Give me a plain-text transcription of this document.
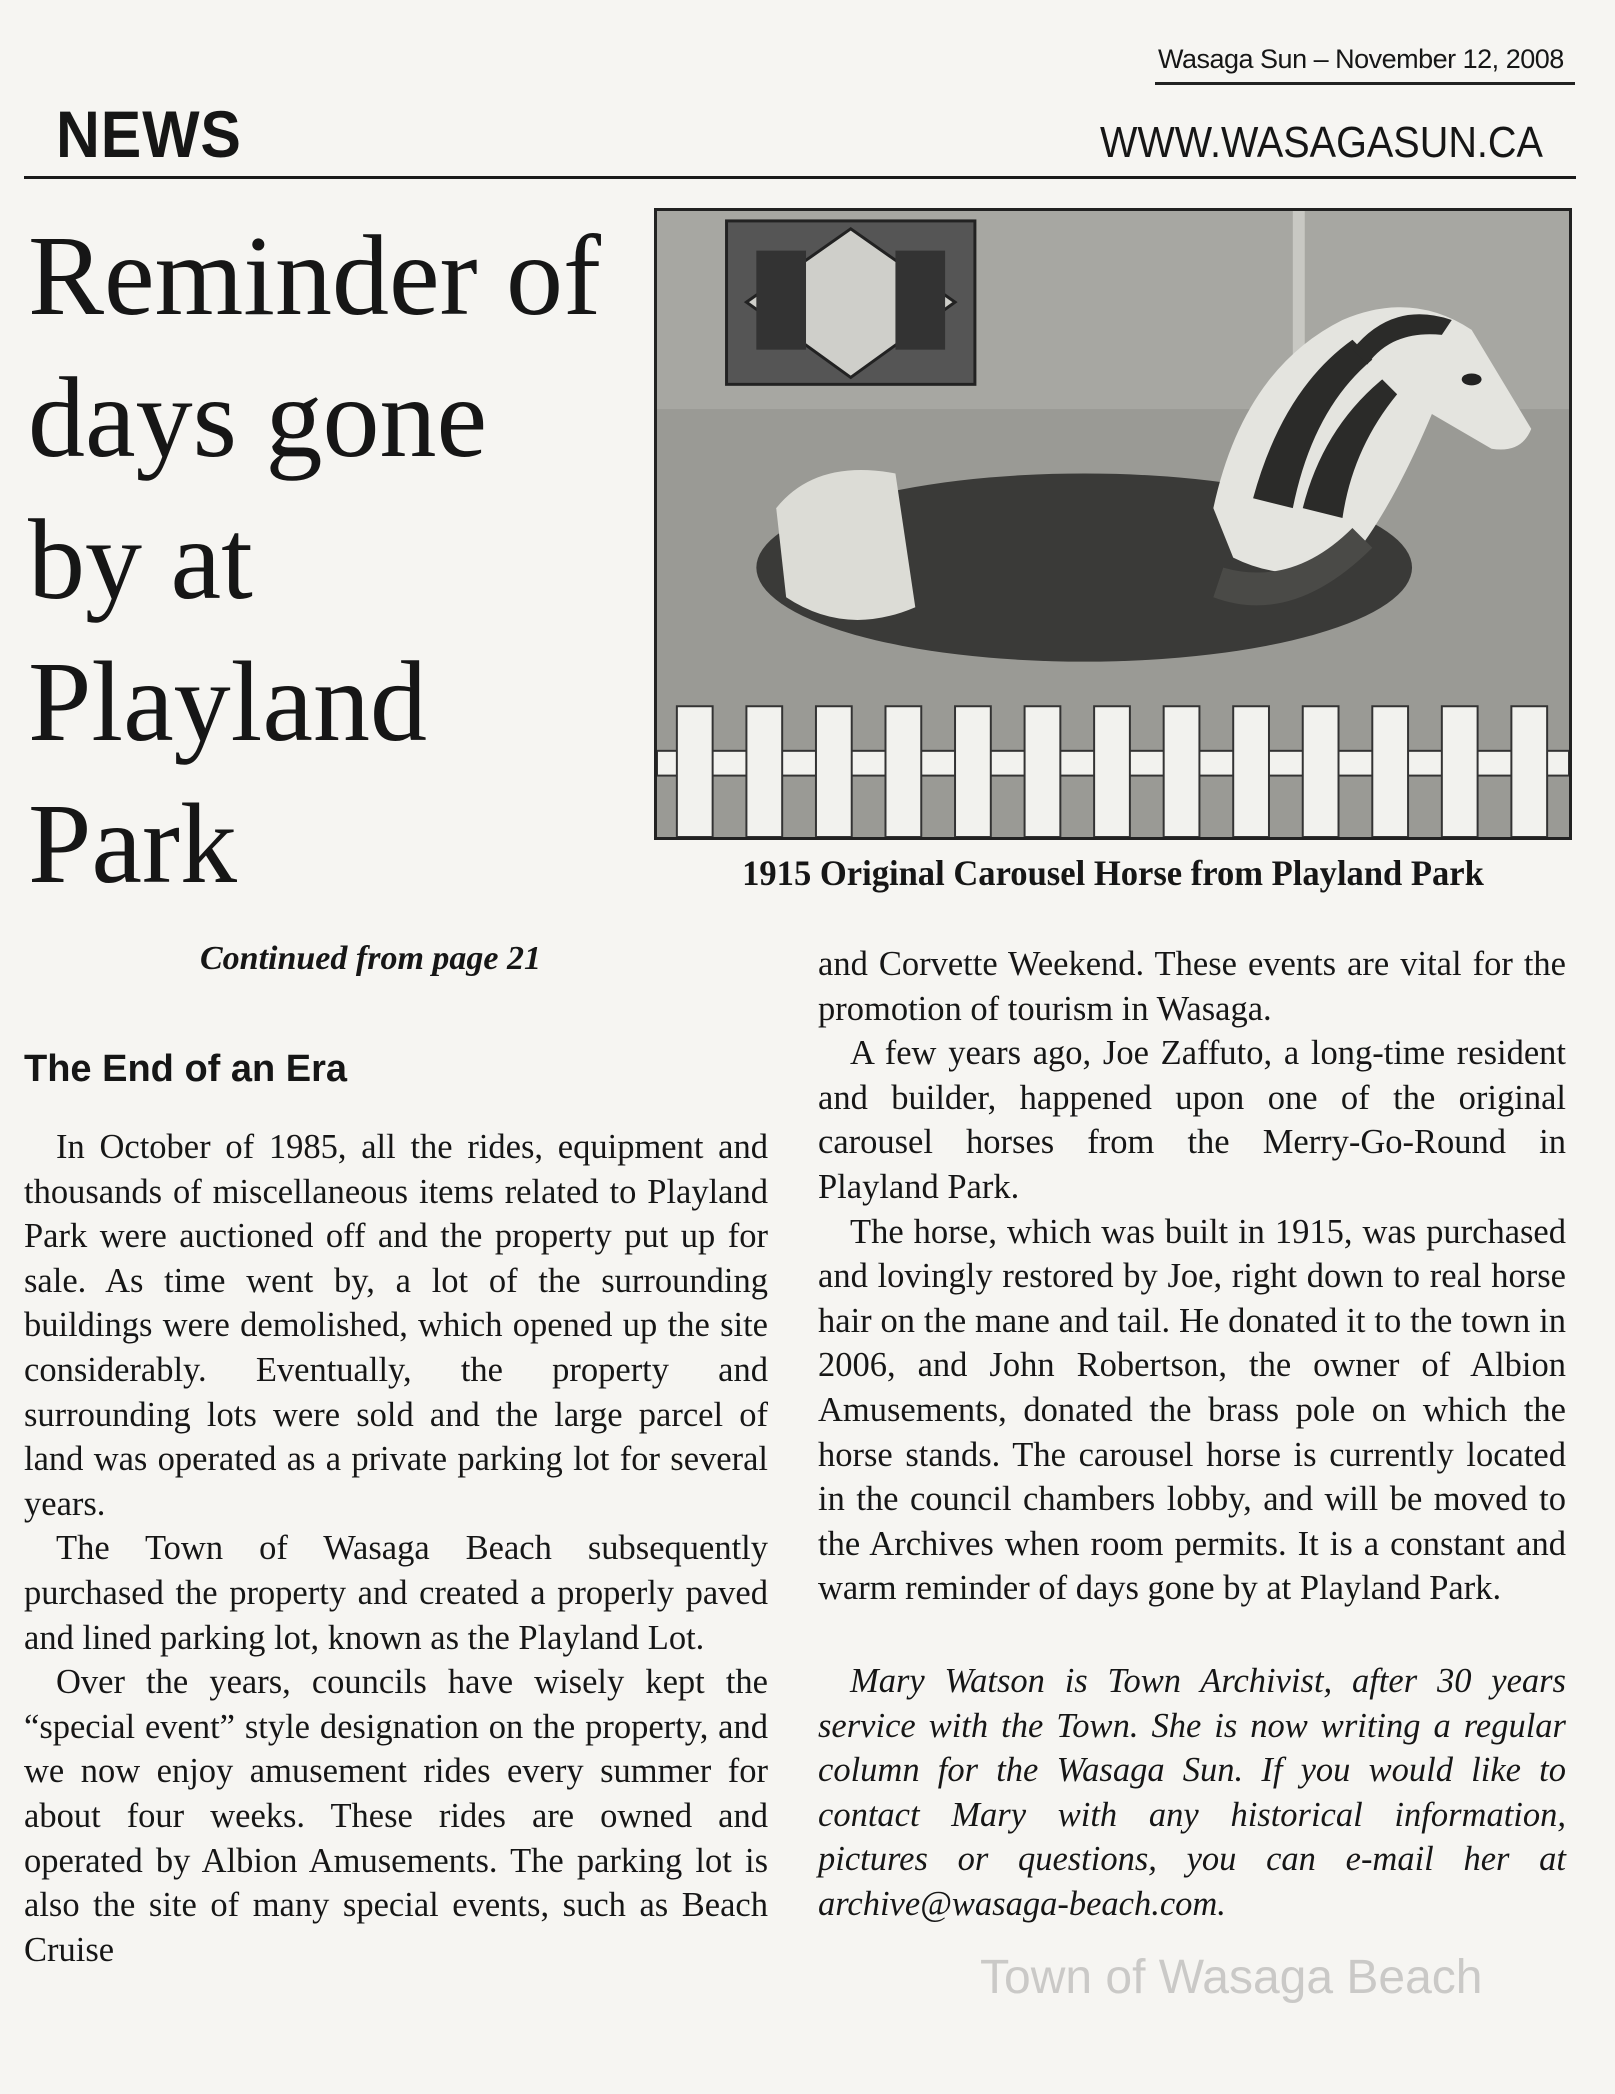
Wasaga Sun – November 12, 2008
NEWS	WWW.WASAGASUN.CA
Reminder of days gone by at Playland Park	1915 Original Carousel Horse from Playland Park
Continued from page 21
The End of an Era

In October of 1985, all the rides, equipment and thousands of miscellaneous items related to Playland Park were auctioned off and the property put up for sale. As time went by, a lot of the surrounding buildings were demolished, which opened up the site considerably. Eventually, the property and surrounding lots were sold and the large parcel of land was operated as a private parking lot for several years.

The Town of Wasaga Beach subsequently purchased the property and created a properly paved and lined parking lot, known as the Playland Lot.

Over the years, councils have wisely kept the “special event” style designation on the property, and we now enjoy amusement rides every summer for about four weeks. These rides are owned and operated by Albion Amusements. The parking lot is also the site of many special events, such as Beach Cruise

and Corvette Weekend. These events are vital for the promotion of tourism in Wasaga.

A few years ago, Joe Zaffuto, a long-time resident and builder, happened upon one of the original carousel horses from the Merry-Go-Round in Playland Park.

The horse, which was built in 1915, was purchased and lovingly restored by Joe, right down to real horse hair on the mane and tail. He donated it to the town in 2006, and John Robertson, the owner of Albion Amusements, donated the brass pole on which the horse stands. The carousel horse is currently located in the council chambers lobby, and will be moved to the Archives when room permits. It is a constant and warm reminder of days gone by at Playland Park.

Mary Watson is Town Archivist, after 30 years service with the Town. She is now writing a regular column for the Wasaga Sun. If you would like to contact Mary with any historical information, pictures or questions, you can e-mail her at archive@wasaga-beach.com.

Town of Wasaga Beach
